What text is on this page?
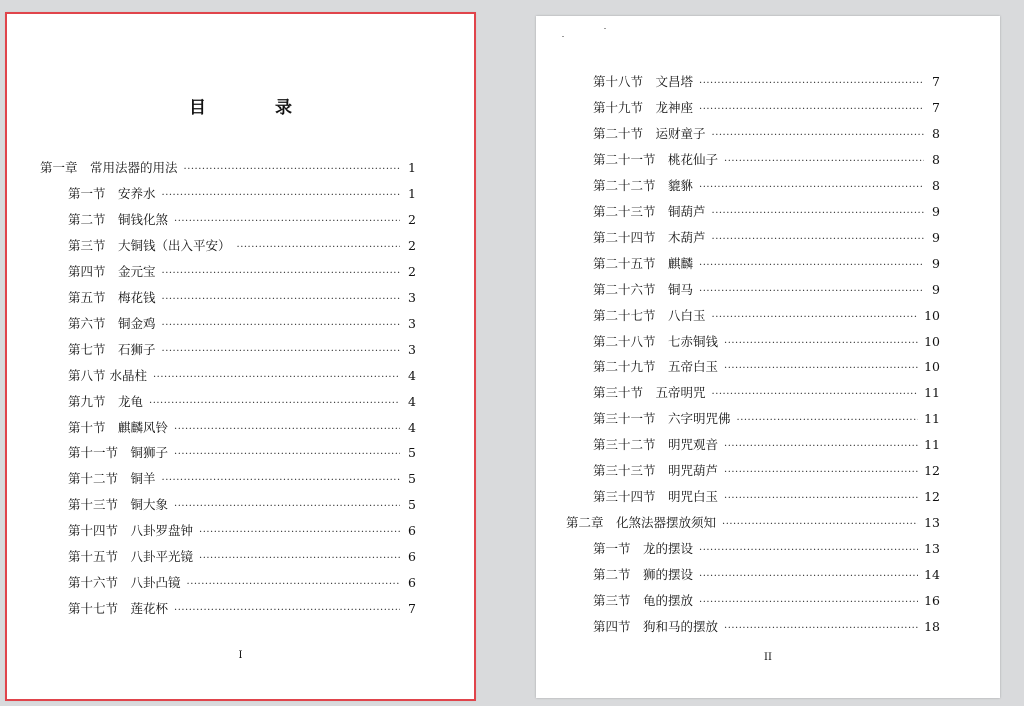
目　录
第一章　常用法器的用法 ·····	1
第一节　安养水 ·····	1
第二节　铜钱化煞 ·····	2
第三节　大铜钱（出入平安） ·····	2
第四节　金元宝 ·····	2
第五节　梅花钱 ·····	3
第六节　铜金鸡 ·····	3
第七节　石狮子 ·····	3
第八节 水晶柱 ·····	4
第九节　龙龟 ·····	4
第十节　麒麟风铃 ·····	4
第十一节　铜狮子 ·····	5
第十二节　铜羊 ·····	5
第十三节　铜大象 ·····	5
第十四节　八卦罗盘钟 ·····	6
第十五节　八卦平光镜 ·····	6
第十六节　八卦凸镜 ·····	6
第十七节　莲花杯 ·····	7
I
第十八节　文昌塔 ·····	7
第十九节　龙神座 ·····	7
第二十节　运财童子 ·····	8
第二十一节　桃花仙子 ·····	8
第二十二节　貔貅 ·····	8
第二十三节　铜葫芦 ·····	9
第二十四节　木葫芦 ·····	9
第二十五节　麒麟 ·····	9
第二十六节　铜马 ·····	9
第二十七节　八白玉 ·····	10
第二十八节　七赤铜钱 ·····	10
第二十九节　五帝白玉 ·····	10
第三十节　五帝明咒 ·····	11
第三十一节　六字明咒佛 ·····	11
第三十二节　明咒观音 ·····	11
第三十三节　明咒葫芦 ·····	12
第三十四节　明咒白玉 ·····	12
第二章　化煞法器摆放须知 ·····	13
第一节　龙的摆设 ·····	13
第二节　狮的摆设 ·····	14
第三节　龟的摆放 ·····	16
第四节　狗和马的摆放 ·····	18
II
